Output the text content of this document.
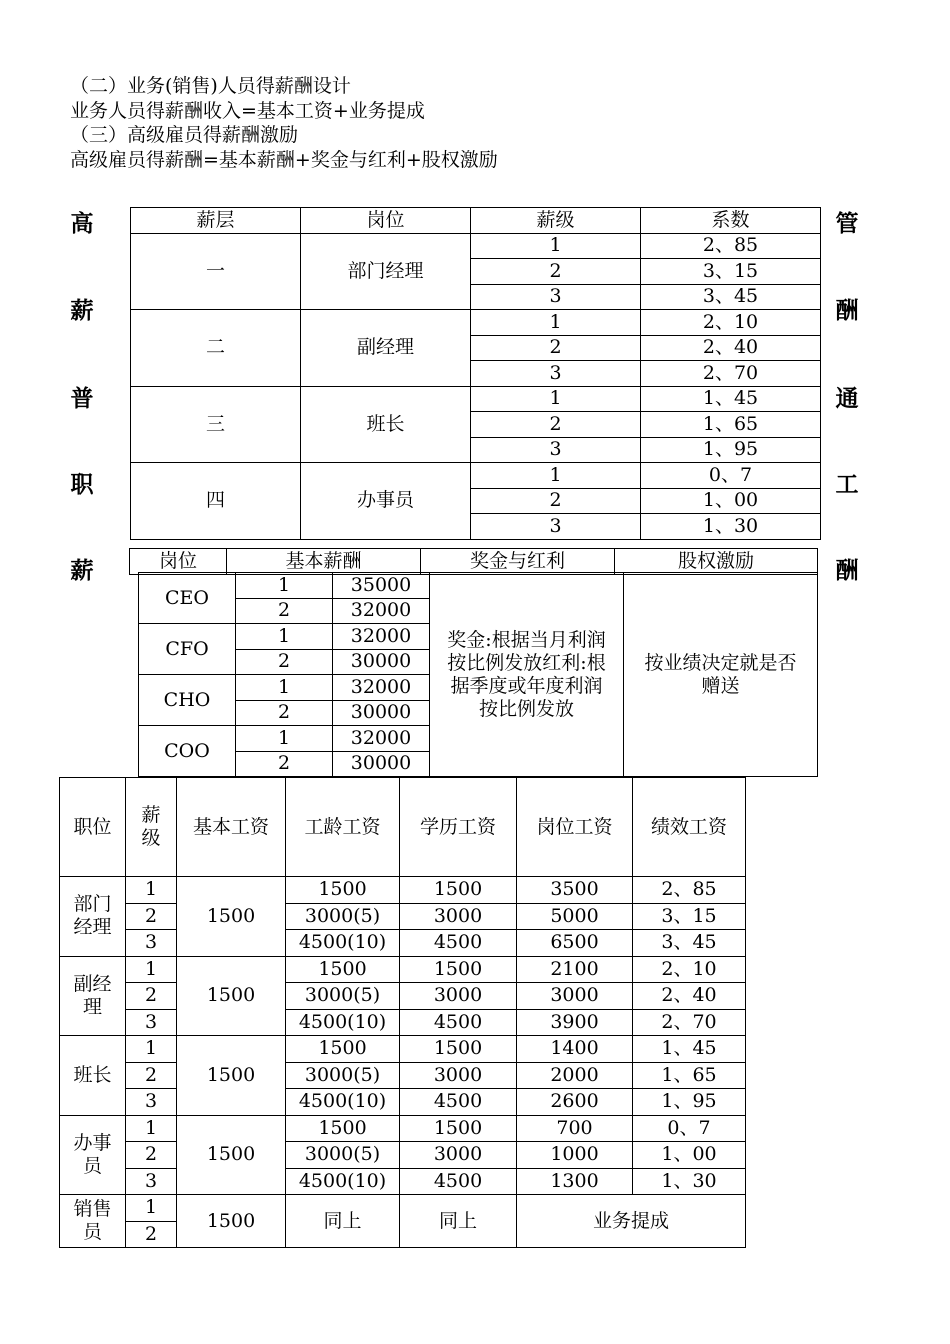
（二）业务(销售)人员得薪酬设计
业务人员得薪酬收入=基本工资+业务提成
（三）高级雇员得薪酬激励
高级雇员得薪酬=基本薪酬+奖金与红利+股权激励
高
薪
普
职
薪
管
酬
通
工
酬
薪层	岗位	薪级	系数
一	部门经理	1	2、85
		2	3、15
		3	3、45
二	副经理	1	2、10
		2	2、40
		3	2、70
三	班长	1	1、45
		2	1、65
		3	1、95
四	办事员	1	0、7
		2	1、00
		3	1、30
岗位	基本薪酬	奖金与红利	股权激励
CEO	1	35000	奖金:根据当月利润按比例发放红利:根据季度或年度利润按比例发放	按业绩决定就是否赠送
	2	32000		
CFO	1	32000		
	2	30000		
CHO	1	32000		
	2	30000		
COO	1	32000		
	2	30000		
职位	薪级	基本工资	工龄工资	学历工资	岗位工资	绩效工资
部门经理	1	1500	1500	1500	3500	2、85
	2		3000(5)	3000	5000	3、15
	3		4500(10)	4500	6500	3、45
副经理	1	1500	1500	1500	2100	2、10
	2		3000(5)	3000	3000	2、40
	3		4500(10)	4500	3900	2、70
班长	1	1500	1500	1500	1400	1、45
	2		3000(5)	3000	2000	1、65
	3		4500(10)	4500	2600	1、95
办事员	1	1500	1500	1500	700	0、7
	2		3000(5)	3000	1000	1、00
	3		4500(10)	4500	1300	1、30
销售员	1	1500	同上	同上	业务提成	
	2					
